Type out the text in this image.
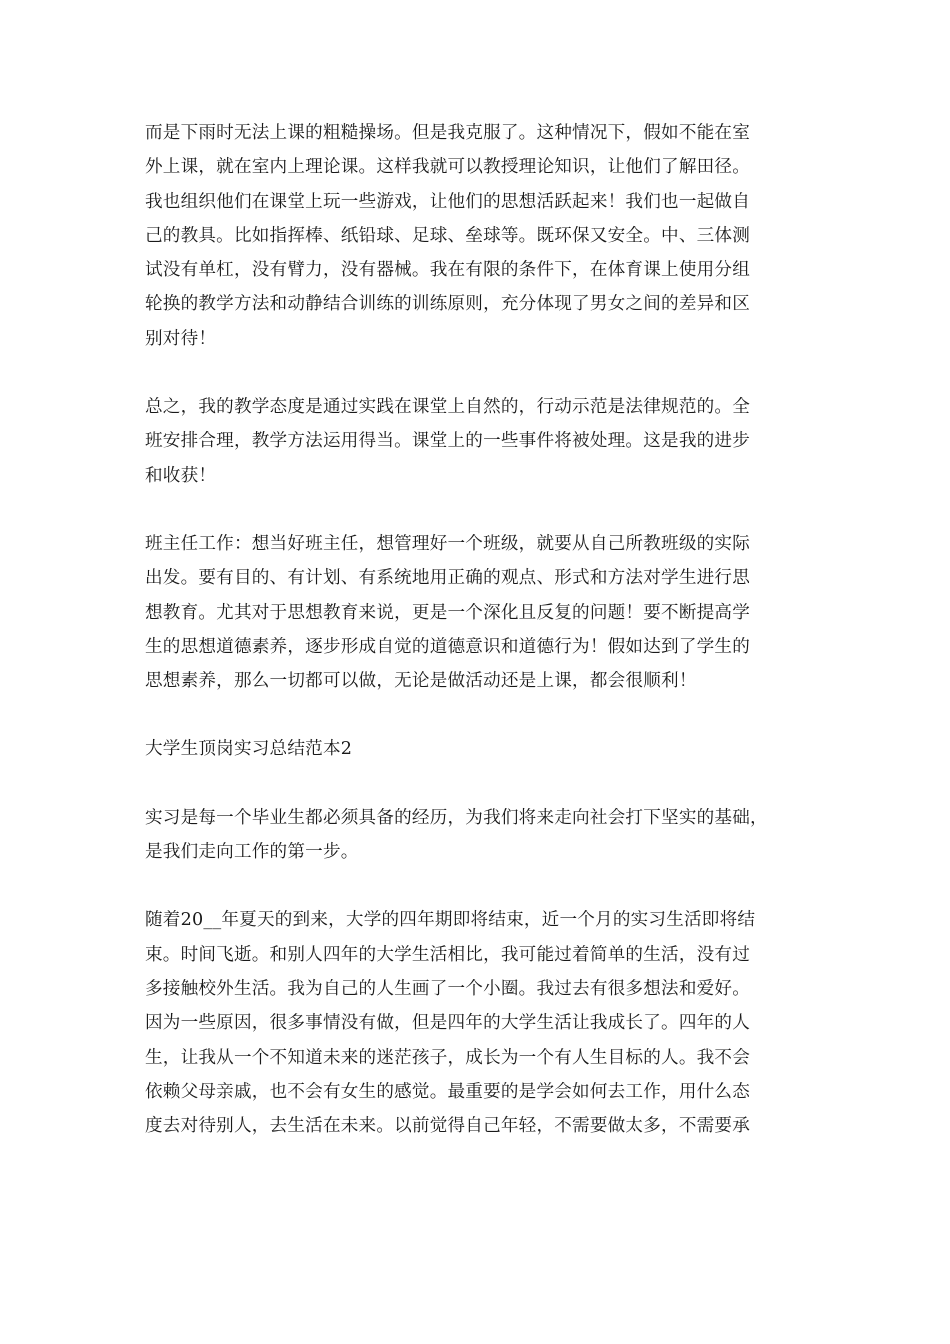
而是下雨时无法上课的粗糙操场。但是我克服了。这种情况下，假如不能在室
外上课，就在室内上理论课。这样我就可以教授理论知识，让他们了解田径。
我也组织他们在课堂上玩一些游戏，让他们的思想活跃起来！我们也一起做自
己的教具。比如指挥棒、纸铅球、足球、垒球等。既环保又安全。中、三体测
试没有单杠，没有臂力，没有器械。我在有限的条件下，在体育课上使用分组
轮换的教学方法和动静结合训练的训练原则，充分体现了男女之间的差异和区
别对待！

总之，我的教学态度是通过实践在课堂上自然的，行动示范是法律规范的。全
班安排合理，教学方法运用得当。课堂上的一些事件将被处理。这是我的进步
和收获！

班主任工作：想当好班主任，想管理好一个班级，就要从自己所教班级的实际
出发。要有目的、有计划、有系统地用正确的观点、形式和方法对学生进行思
想教育。尤其对于思想教育来说，更是一个深化且反复的问题！要不断提高学
生的思想道德素养，逐步形成自觉的道德意识和道德行为！假如达到了学生的
思想素养，那么一切都可以做，无论是做活动还是上课，都会很顺利！

大学生顶岗实习总结范本2

实习是每一个毕业生都必须具备的经历，为我们将来走向社会打下坚实的基础，
是我们走向工作的第一步。

随着20__年夏天的到来，大学的四年期即将结束，近一个月的实习生活即将结
束。时间飞逝。和别人四年的大学生活相比，我可能过着简单的生活，没有过
多接触校外生活。我为自己的人生画了一个小圈。我过去有很多想法和爱好。
因为一些原因，很多事情没有做，但是四年的大学生活让我成长了。四年的人
生，让我从一个不知道未来的迷茫孩子，成长为一个有人生目标的人。我不会
依赖父母亲戚，也不会有女生的感觉。最重要的是学会如何去工作，用什么态
度去对待别人，去生活在未来。以前觉得自己年轻，不需要做太多，不需要承
